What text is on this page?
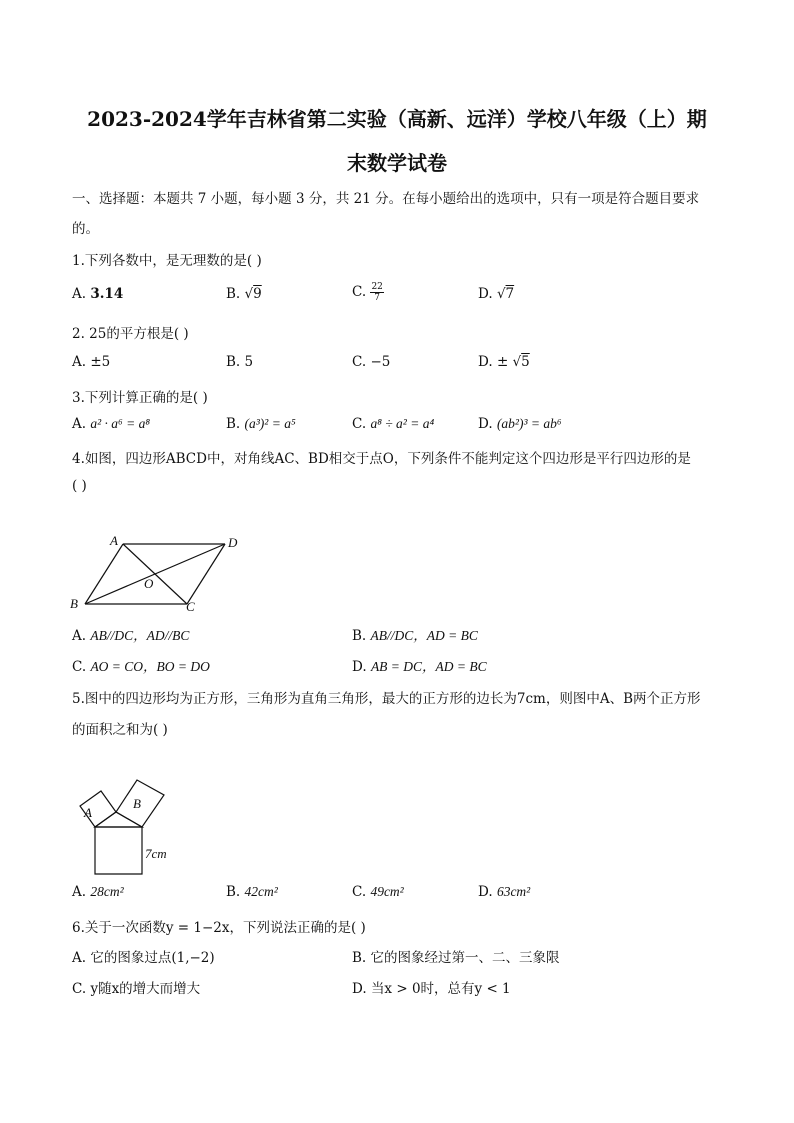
2023-2024学年吉林省第二实验（高新、远洋）学校八年级（上）期
末数学试卷
一、选择题：本题共 7 小题，每小题 3 分，共 21 分。在每小题给出的选项中，只有一项是符合题目要求
的。
1.下列各数中，是无理数的是( )
A. 3.14	B. √9	C. $\frac{22}{7}$	D. √7
2. 25的平方根是( )
A. ±5	B. 5	C. −5	D. ± √5
3.下列计算正确的是( )
A. a² · a⁶ = a⁸	B. (a³)² = a⁵	C. a⁸ ÷ a² = a⁴	D. (ab²)³ = ab⁶
4.如图，四边形ABCD中，对角线AC、BD相交于点O，下列条件不能判定这个四边形是平行四边形的是
( )
A	D
B	C
O
A. AB//DC，AD//BC	B. AB//DC，AD = BC
C. AO = CO，BO = DO	D. AB = DC，AD = BC
5.图中的四边形均为正方形，三角形为直角三角形，最大的正方形的边长为7cm，则图中A、B两个正方形
的面积之和为( )
A
B
7cm
A. 28cm²	B. 42cm²	C. 49cm²	D. 63cm²
6.关于一次函数y = 1−2x，下列说法正确的是( )
A. 它的图象过点(1,−2)	B. 它的图象经过第一、二、三象限
C. y随x的增大而增大	D. 当x > 0时，总有y < 1
